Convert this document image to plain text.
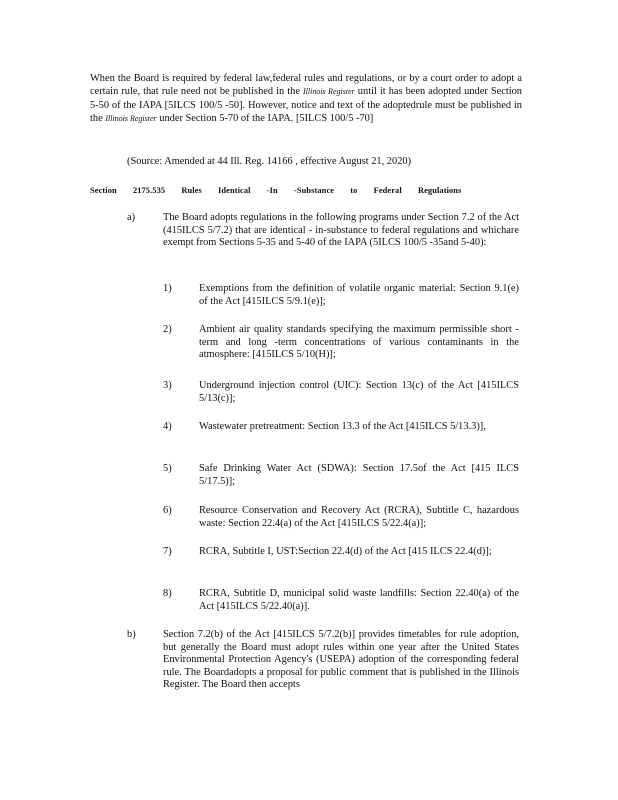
When the Board is required by federal law,federal rules and regulations, or by a court order to adopt a certain rule, that rule need not be published in the Illinois Register until it has been adopted under Section 5-50 of the IAPA [5ILCS 100/5 -50]. However, notice and text of the adoptedrule must be published in the Illinois Register under Section 5-70 of the IAPA. [5ILCS 100/5 -70]
(Source: Amended at 44 Ill. Reg. 14166 , effective August 21, 2020)
Section 2175.535 Rules Identical -In -Substance to Federal Regulations
a)	The Board adopts regulations in the following programs under Section 7.2 of the Act (415ILCS 5/7.2) that are identical - in-substance to federal regulations and whichare exempt from Sections 5-35 and 5-40 of the IAPA (5ILCS 100/5 -35and 5-40):
1)	Exemptions from the definition of volatile organic material: Section 9.1(e) of the Act [415ILCS 5/9.1(e)];
2)	Ambient air quality standards specifying the maximum permissible short -term and long -term concentrations of various contaminants in the atmosphere: [415ILCS 5/10(H)];
3)	Underground injection control (UIC): Section 13(c) of the Act [415ILCS 5/13(c)];
4)	Wastewater pretreatment: Section 13.3 of the Act [415ILCS 5/13.3)],
5)	Safe Drinking Water Act (SDWA): Section 17.5of the Act [415 ILCS 5/17.5)];
6)	Resource Conservation and Recovery Act (RCRA), Subtitle C, hazardous waste: Section 22.4(a) of the Act [415ILCS 5/22.4(a)];
7)	RCRA, Subtitle I, UST:Section 22.4(d) of the Act [415 ILCS 22.4(d)];
8)	RCRA, Subtitle D, municipal solid waste landfills: Section 22.40(a) of the Act [415ILCS 5/22.40(a)].
b)	Section 7.2(b) of the Act [415ILCS 5/7.2(b)] provides timetables for rule adoption, but generally the Board must adopt rules within one year after the United States Environmental Protection Agency's (USEPA) adoption of the corresponding federal rule. The Boardadopts a proposal for public comment that is published in the Illinois Register. The Board then accepts
